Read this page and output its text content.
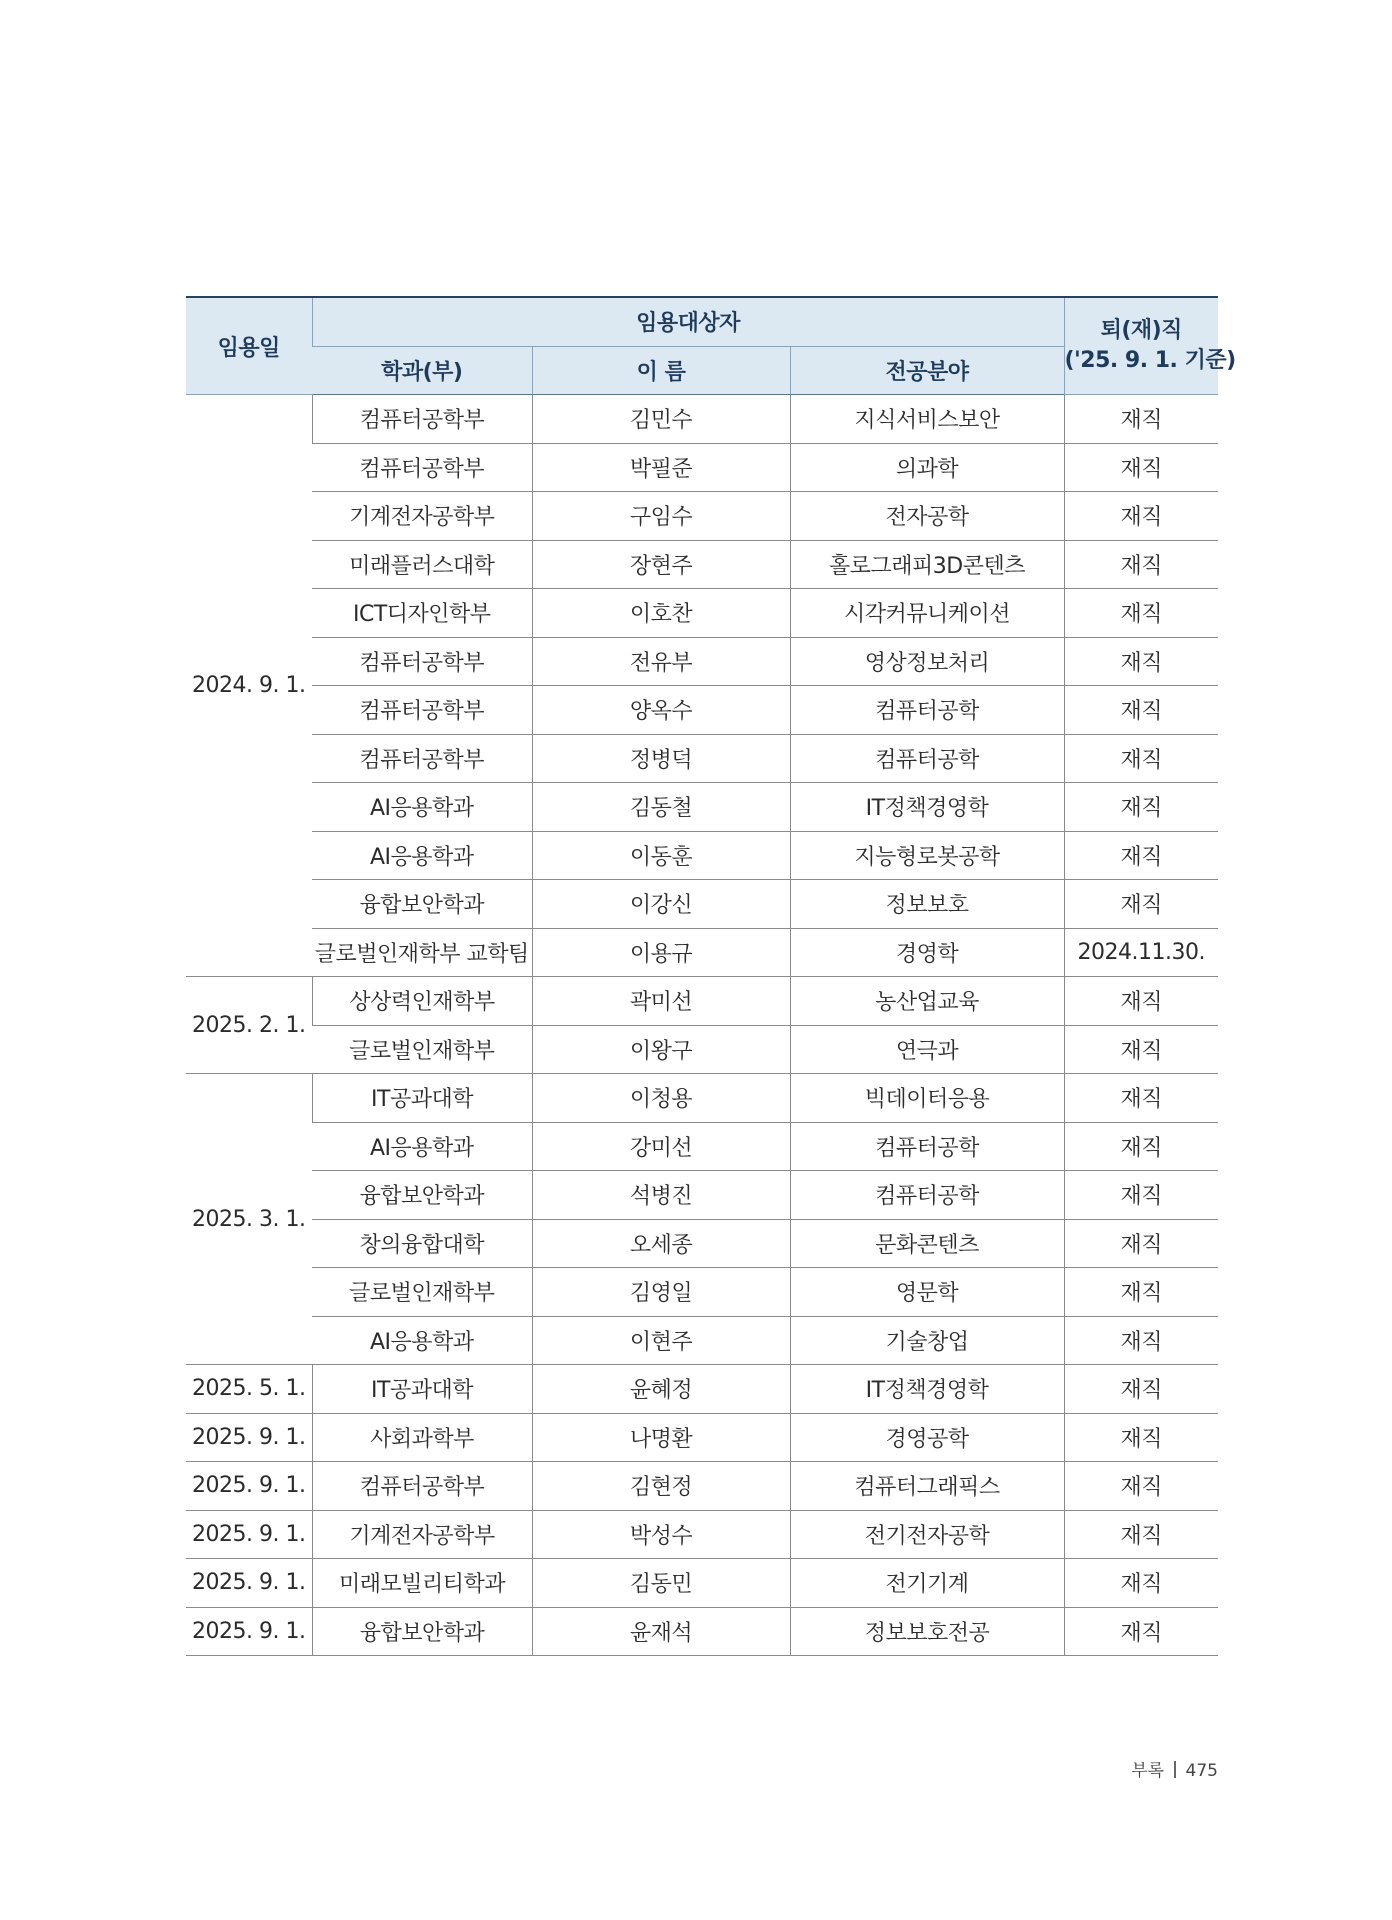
임용일	임용대상자			퇴(재)직
('25. 9. 1. 기준)
	학과(부)	이 름	전공분야	
2024. 9. 1.	컴퓨터공학부	김민수	지식서비스보안	재직
	컴퓨터공학부	박필준	의과학	재직
	기계전자공학부	구임수	전자공학	재직
	미래플러스대학	장현주	홀로그래피3D콘텐츠	재직
	ICT디자인학부	이호찬	시각커뮤니케이션	재직
	컴퓨터공학부	전유부	영상정보처리	재직
	컴퓨터공학부	양옥수	컴퓨터공학	재직
	컴퓨터공학부	정병덕	컴퓨터공학	재직
	AI응용학과	김동철	IT정책경영학	재직
	AI응용학과	이동훈	지능형로봇공학	재직
	융합보안학과	이강신	정보보호	재직
	글로벌인재학부 교학팀	이용규	경영학	2024.11.30.
2025. 2. 1.	상상력인재학부	곽미선	농산업교육	재직
	글로벌인재학부	이왕구	연극과	재직
2025. 3. 1.	IT공과대학	이청용	빅데이터응용	재직
	AI응용학과	강미선	컴퓨터공학	재직
	융합보안학과	석병진	컴퓨터공학	재직
	창의융합대학	오세종	문화콘텐츠	재직
	글로벌인재학부	김영일	영문학	재직
	AI응용학과	이현주	기술창업	재직
2025. 5. 1.	IT공과대학	윤혜정	IT정책경영학	재직
2025. 9. 1.	사회과학부	나명환	경영공학	재직
2025. 9. 1.	컴퓨터공학부	김현정	컴퓨터그래픽스	재직
2025. 9. 1.	기계전자공학부	박성수	전기전자공학	재직
2025. 9. 1.	미래모빌리티학과	김동민	전기기계	재직
2025. 9. 1.	융합보안학과	윤재석	정보보호전공	재직
부록 475
